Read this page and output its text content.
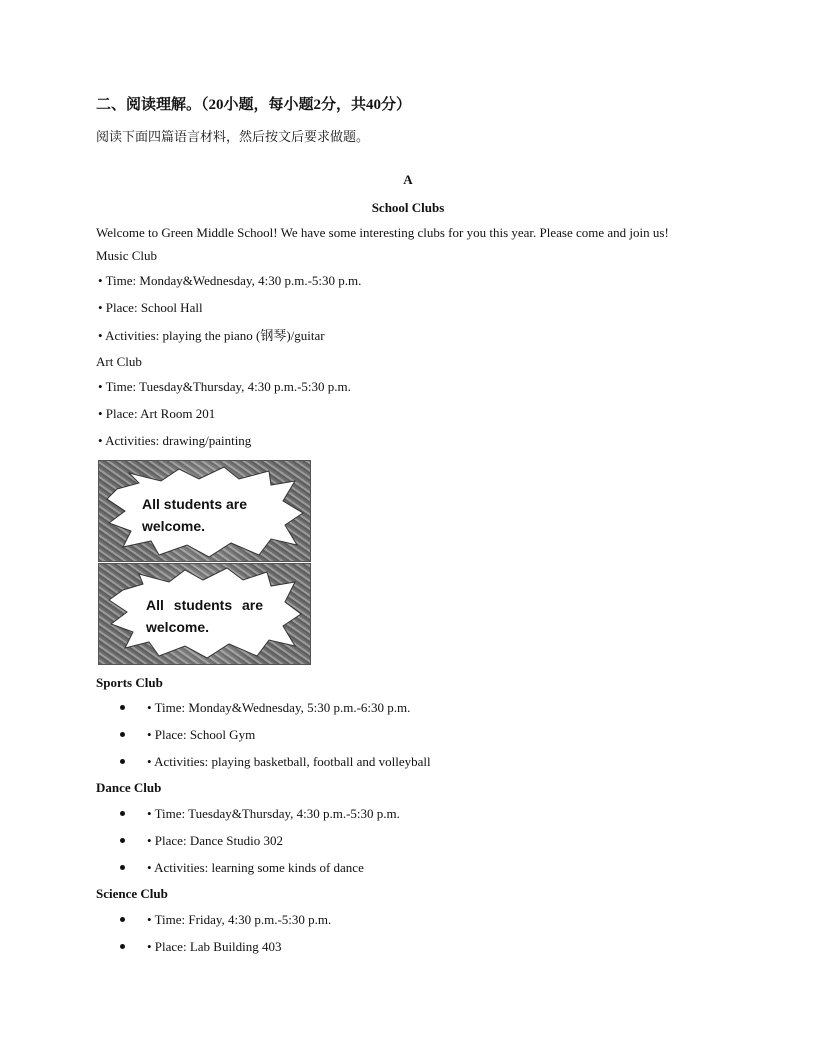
二、阅读理解。（20小题，每小题2分，共40分）
阅读下面四篇语言材料，然后按文后要求做题。
A
School Clubs
Welcome to Green Middle School! We have some interesting clubs for you this year. Please come and join us!
Music Club
• Time: Monday&Wednesday, 4:30 p.m.-5:30 p.m.
• Place: School Hall
• Activities: playing the piano (钢琴)/guitar
Art Club
• Time: Tuesday&Thursday, 4:30 p.m.-5:30 p.m.
• Place: Art Room 201
• Activities: drawing/painting
All students are
welcome.
All students are
welcome.
Sports Club
• Time: Monday&Wednesday, 5:30 p.m.-6:30 p.m.
• Place: School Gym
• Activities: playing basketball, football and volleyball
Dance Club
• Time: Tuesday&Thursday, 4:30 p.m.-5:30 p.m.
• Place: Dance Studio 302
• Activities: learning some kinds of dance
Science Club
• Time: Friday, 4:30 p.m.-5:30 p.m.
• Place: Lab Building 403
